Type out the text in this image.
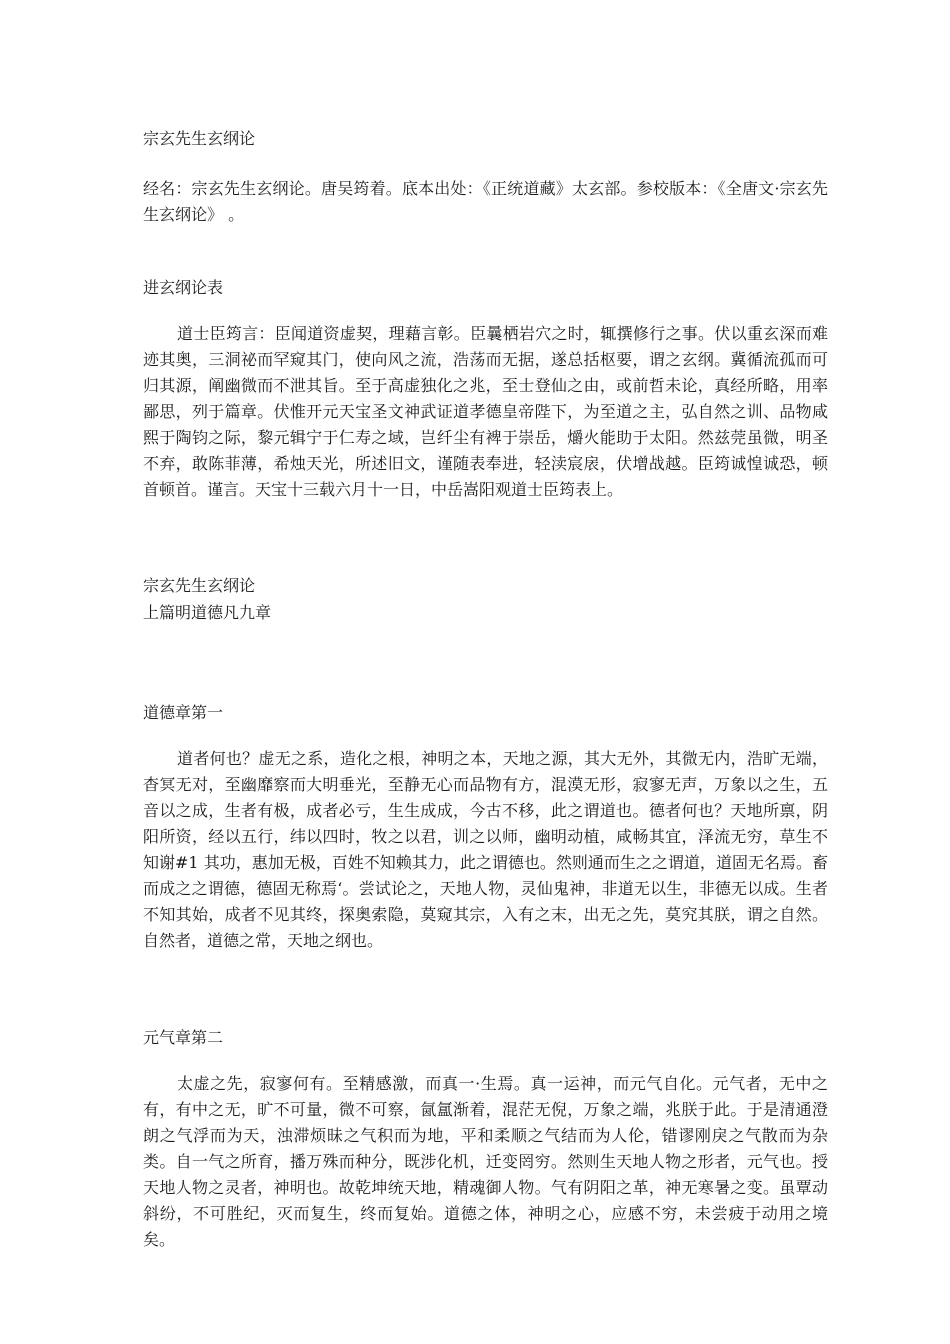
宗玄先生玄纲论

经名：宗玄先生玄纲论。唐吴筠着。底本出处：《正统道藏》太玄部。参校版本：《全唐文·宗玄先生玄纲论》 。

进玄纲论表

道士臣筠言：臣闻道资虚契，理藉言彰。臣曩栖岩穴之时，辄撰修行之事。伏以重玄深而难迹其奥，三洞祕而罕窥其门，使向风之流，浩荡而无据，遂总括枢要，谓之玄纲。冀循流孤而可归其源，阐幽微而不泄其旨。至于高虚独化之兆，至士登仙之由，或前哲未论，真经所略，用率鄙思，列于篇章。伏惟开元天宝圣文神武证道孝德皇帝陛下，为至道之主，弘自然之训、品物咸熙于陶钧之际，黎元辑宁于仁寿之域，岂纤尘有裨于崇岳，爝火能助于太阳。然兹莞虽微，明圣不弃，敢陈菲薄，希烛天光，所述旧文，谨随表奉进，轻渎宸扆，伏增战越。臣筠诚惶诚恐，顿首顿首。谨言。天宝十三载六月十一日，中岳嵩阳观道士臣筠表上。

宗玄先生玄纲论
上篇明道德凡九章
道德章第一

道者何也？虚无之系，造化之根，神明之本，天地之源，其大无外，其微无内，浩旷无端，杳冥无对，至幽靡察而大明垂光，至静无心而品物有方，混漠无形，寂寥无声，万象以之生，五音以之成，生者有极，成者必亏，生生成成，今古不移，此之谓道也。德者何也？天地所禀，阴阳所资，经以五行，纬以四时，牧之以君，训之以师，幽明动植，咸畅其宜，泽流无穷，草生不知谢#1 其功，惠加无极，百姓不知赖其力，此之谓德也。然则通而生之之谓道，道固无名焉。畜而成之之谓德，德固无称焉‘。尝试论之，天地人物，灵仙鬼神，非道无以生，非德无以成。生者不知其始，成者不见其终，探奥索隐，莫窥其宗，入有之末，出无之先，莫究其朕，谓之自然。自然者，道德之常，天地之纲也。

元气章第二

太虚之先，寂寥何有。至精感激，而真一·生焉。真一运神，而元气自化。元气者，无中之有，有中之无，旷不可量，微不可察，氤氲渐着，混茫无倪，万象之端，兆朕于此。于是清通澄朗之气浮而为天，浊滞烦昧之气积而为地，平和柔顺之气结而为人伦，错谬刚戾之气散而为杂类。自一气之所育，播万殊而种分，既涉化机，迁变罔穷。然则生天地人物之形者，元气也。授天地人物之灵者，神明也。故乾坤统天地，精魂御人物。气有阴阳之革，神无寒暑之变。虽覃动斜纷，不可胜纪，灭而复生，终而复始。道德之体，神明之心，应感不穷，未尝疲于动用之境矣。
